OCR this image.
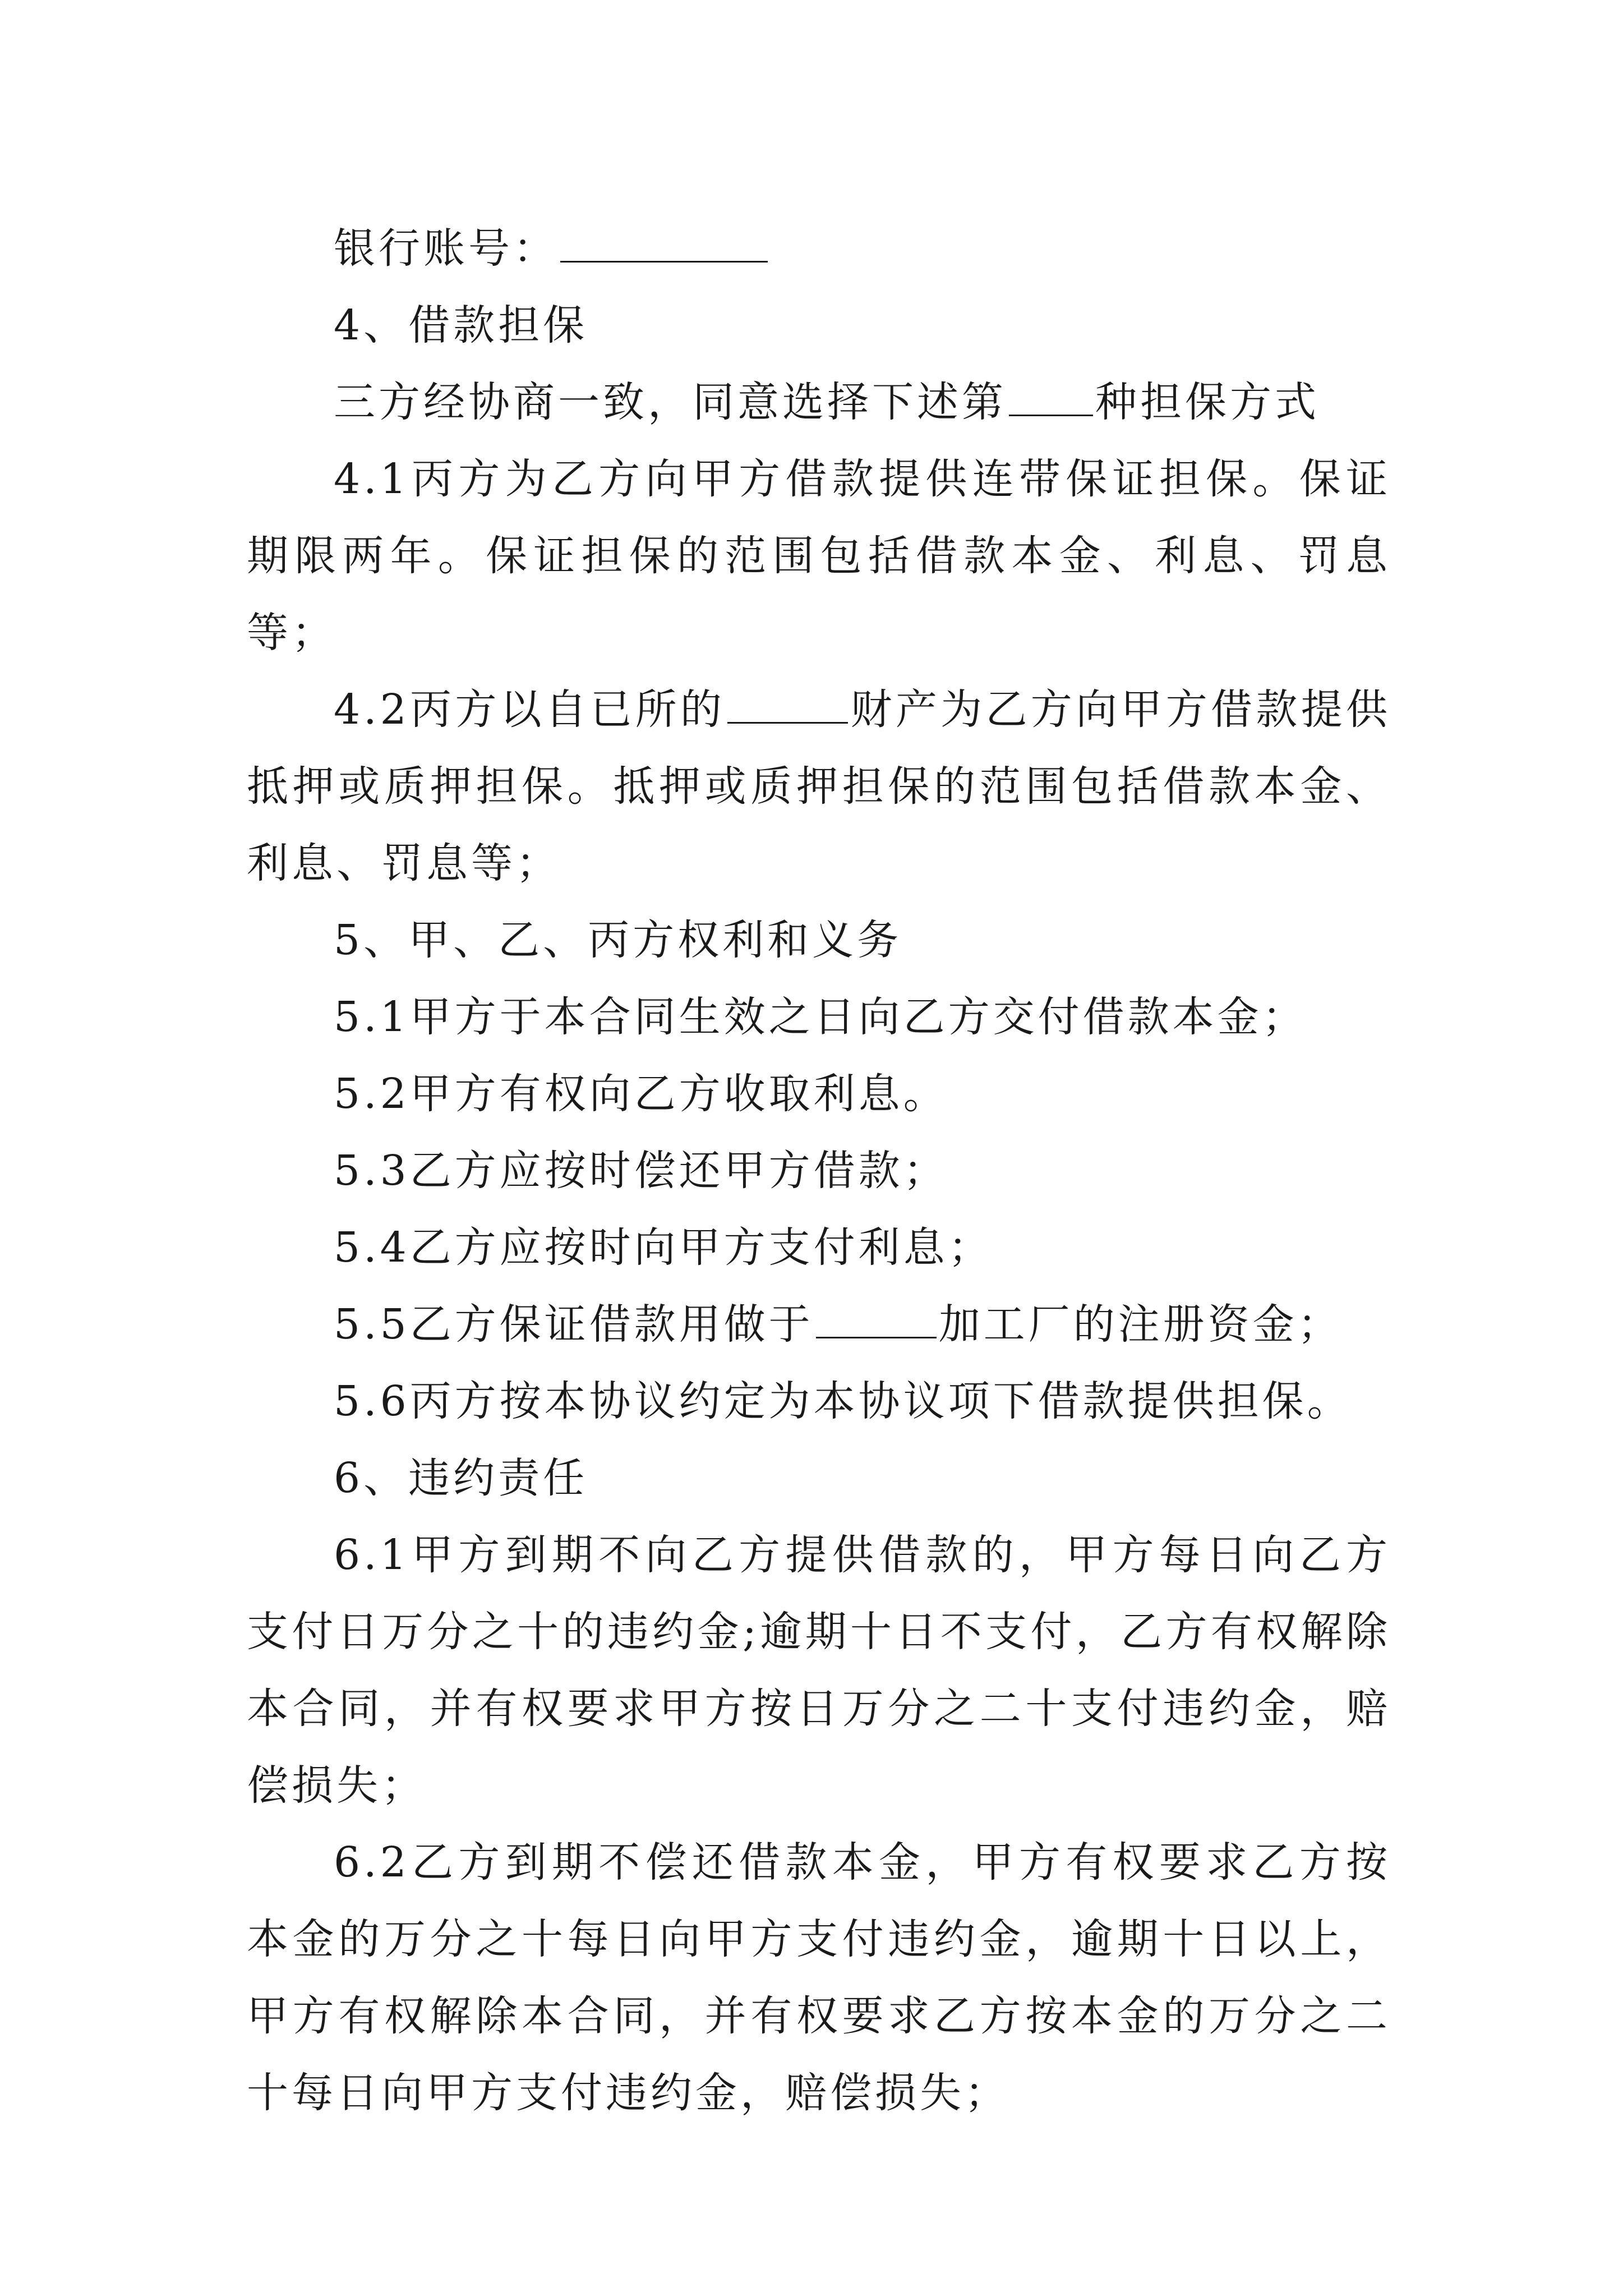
银行账号：

4、借款担保

三方经协商一致，同意选择下述第 种担保方式

4.1丙方为乙方向甲方借款提供连带保证担保。保证期限两年。保证担保的范围包括借款本金、利息、罚息等；

4.2丙方以自已所的	财产为乙方向甲方借款提供抵押或质押担保。抵押或质押担保的范围包括借款本金、利息、罚息等；

5、甲、乙、丙方权利和义务

5.1甲方于本合同生效之日向乙方交付借款本金；

5.2甲方有权向乙方收取利息。

5.3乙方应按时偿还甲方借款；

5.4乙方应按时向甲方支付利息；

5.5乙方保证借款用做于	加工厂的注册资金；

5.6丙方按本协议约定为本协议项下借款提供担保。

6、违约责任

6.1甲方到期不向乙方提供借款的，甲方每日向乙方支付日万分之十的违约金;逾期十日不支付，乙方有权解除本合同，并有权要求甲方按日万分之二十支付违约金，赔偿损失；

6.2乙方到期不偿还借款本金，甲方有权要求乙方按本金的万分之十每日向甲方支付违约金，逾期十日以上，甲方有权解除本合同，并有权要求乙方按本金的万分之二十每日向甲方支付违约金，赔偿损失；
